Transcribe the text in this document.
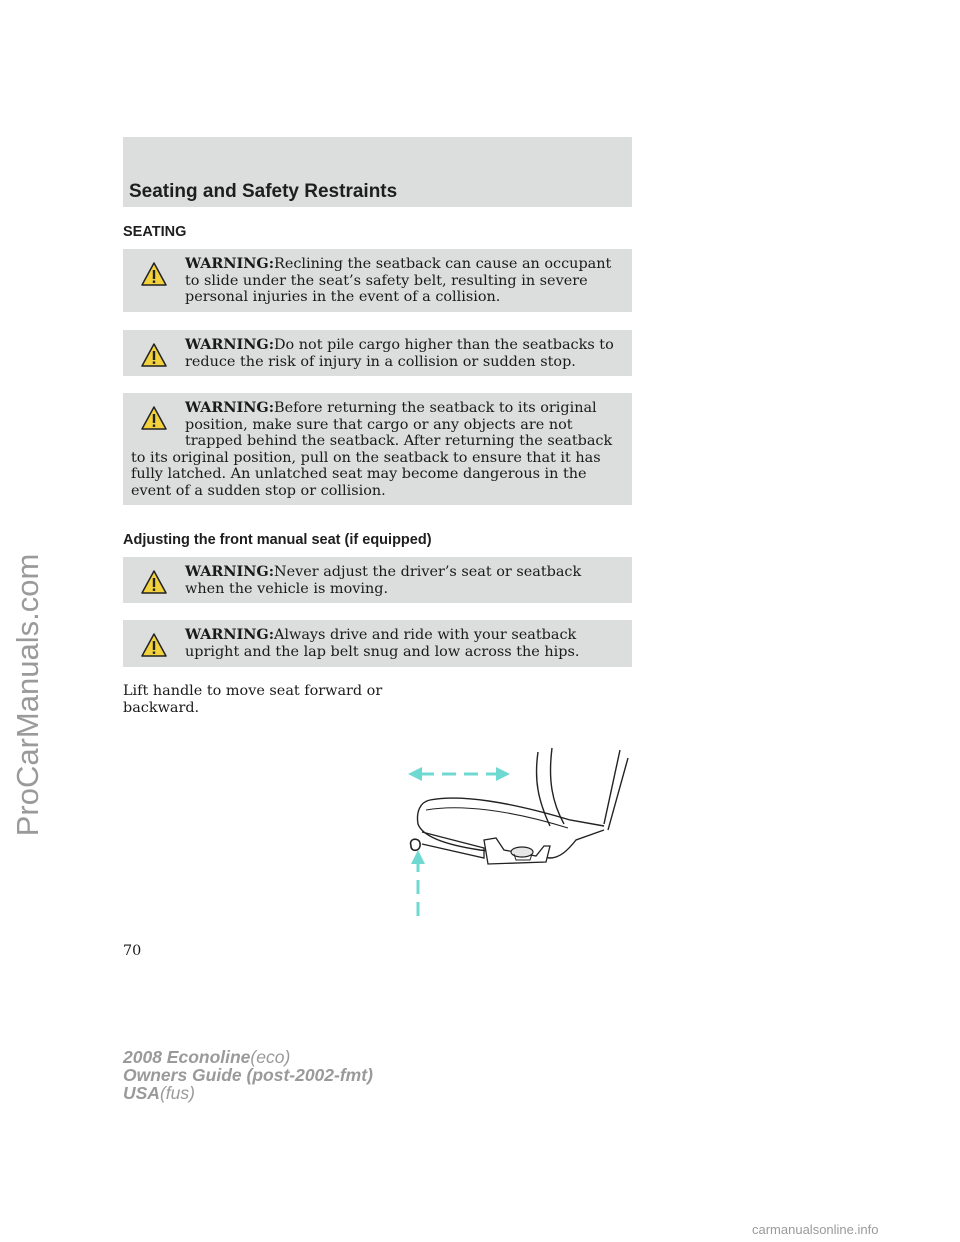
ProCarManuals.com
Seating and Safety Restraints
SEATING
WARNING:Reclining the seatback can cause an occupant to slide under the seat’s safety belt, resulting in severe personal injuries in the event of a collision.
WARNING:Do not pile cargo higher than the seatbacks to reduce the risk of injury in a collision or sudden stop.
WARNING:Before returning the seatback to its original position, make sure that cargo or any objects are not trapped behind the seatback. After returning the seatback to its original position, pull on the seatback to ensure that it has fully latched. An unlatched seat may become dangerous in the event of a sudden stop or collision.
Adjusting the front manual seat (if equipped)
WARNING:Never adjust the driver’s seat or seatback when the vehicle is moving.
WARNING:Always drive and ride with your seatback upright and the lap belt snug and low across the hips.
Lift handle to move seat forward or backward.
70
2008 Econoline(eco)
Owners Guide (post-2002-fmt)
USA(fus)
carmanualsonline.info
